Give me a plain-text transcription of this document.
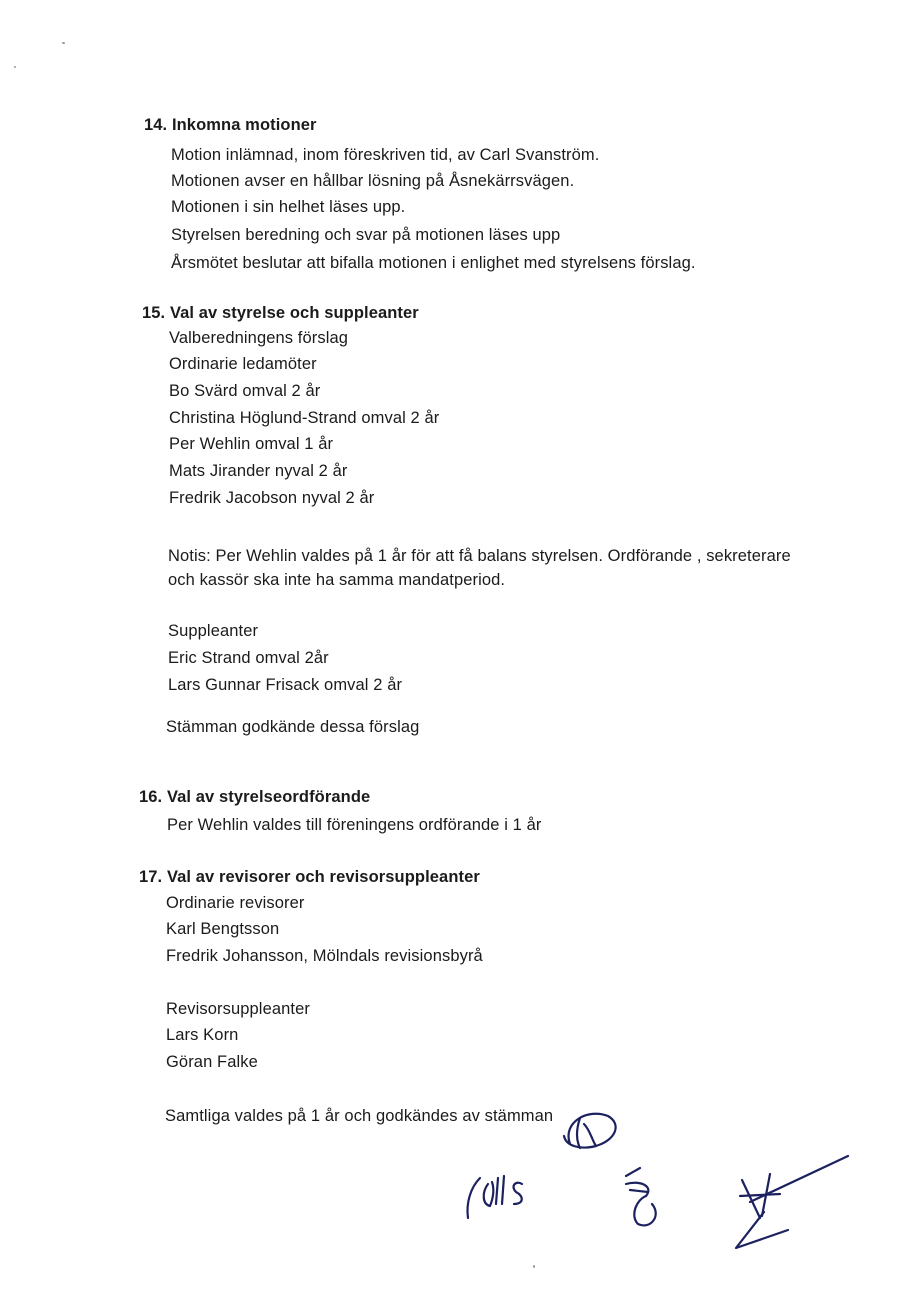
14. Inkomna motioner
Motion inlämnad, inom föreskriven tid, av Carl Svanström.
Motionen avser en hållbar lösning på Åsnekärrsvägen.
Motionen i sin helhet läses upp.
Styrelsen beredning och svar på motionen läses upp
Årsmötet beslutar att bifalla motionen i enlighet med styrelsens förslag.
15. Val av styrelse och suppleanter
Valberedningens förslag
Ordinarie ledamöter
Bo Svärd omval 2 år
Christina Höglund-Strand omval 2 år
Per Wehlin omval 1 år
Mats Jirander nyval 2 år
Fredrik Jacobson nyval 2 år
Notis: Per Wehlin valdes på 1 år för att få balans styrelsen. Ordförande , sekreterare
och kassör ska inte ha samma mandatperiod.
Suppleanter
Eric Strand omval 2år
Lars Gunnar Frisack omval 2 år
Stämman godkände dessa förslag
16. Val av styrelseordförande
Per Wehlin valdes till föreningens ordförande i 1 år
17. Val av revisorer och revisorsuppleanter
Ordinarie revisorer
Karl Bengtsson
Fredrik Johansson, Mölndals revisionsbyrå
Revisorsuppleanter
Lars Korn
Göran Falke
Samtliga valdes på 1 år och godkändes av stämman
